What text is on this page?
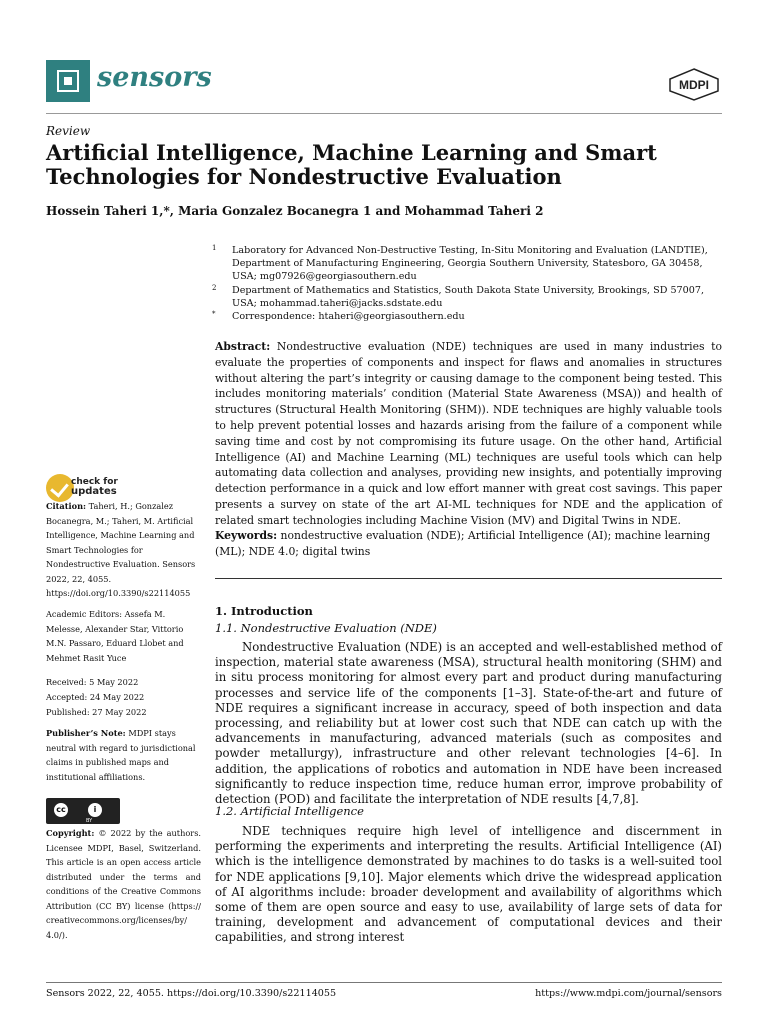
sensors	MDPI
Review
Artificial Intelligence, Machine Learning and Smart Technologies for Nondestructive Evaluation
Hossein Taheri 1,*, Maria Gonzalez Bocanegra 1 and Mohammad Taheri 2
1	Laboratory for Advanced Non-Destructive Testing, In-Situ Monitoring and Evaluation (LANDTIE), Department of Manufacturing Engineering, Georgia Southern University, Statesboro, GA 30458, USA; mg07926@georgiasouthern.edu
2	Department of Mathematics and Statistics, South Dakota State University, Brookings, SD 57007, USA; mohammad.taheri@jacks.sdstate.edu
*	Correspondence: htaheri@georgiasouthern.edu
Abstract: Nondestructive evaluation (NDE) techniques are used in many industries to evaluate the properties of components and inspect for flaws and anomalies in structures without altering the part’s integrity or causing damage to the component being tested. This includes monitoring materials’ condition (Material State Awareness (MSA)) and health of structures (Structural Health Monitoring (SHM)). NDE techniques are highly valuable tools to help prevent potential losses and hazards arising from the failure of a component while saving time and cost by not compromising its future usage. On the other hand, Artificial Intelligence (AI) and Machine Learning (ML) techniques are useful tools which can help automating data collection and analyses, providing new insights, and potentially improving detection performance in a quick and low effort manner with great cost savings. This paper presents a survey on state of the art AI-ML techniques for NDE and the application of related smart technologies including Machine Vision (MV) and Digital Twins in NDE.
Keywords: nondestructive evaluation (NDE); Artificial Intelligence (AI); machine learning (ML); NDE 4.0; digital twins
check for
updates
Citation: Taheri, H.; Gonzalez Bocanegra, M.; Taheri, M. Artificial Intelligence, Machine Learning and Smart Technologies for Nondestructive Evaluation. Sensors 2022, 22, 4055. https://doi.org/10.3390/s22114055
Academic Editors: Assefa M. Melesse, Alexander Star, Vittorio M.N. Passaro, Eduard Llobet and Mehmet Rasit Yuce
Received: 5 May 2022
Accepted: 24 May 2022
Published: 27 May 2022
Publisher’s Note: MDPI stays neutral with regard to jurisdictional claims in published maps and institutional affiliations.
cc	i
BY
Copyright: © 2022 by the authors. Licensee MDPI, Basel, Switzerland. This article is an open access article distributed under the terms and conditions of the Creative Commons Attribution (CC BY) license (https:// creativecommons.org/licenses/by/ 4.0/).
1. Introduction
1.1. Nondestructive Evaluation (NDE)

Nondestructive Evaluation (NDE) is an accepted and well-established method of inspection, material state awareness (MSA), structural health monitoring (SHM) and in situ process monitoring for almost every part and product during manufacturing processes and service life of the components [1–3]. State-of-the-art and future of NDE requires a significant increase in accuracy, speed of both inspection and data processing, and reliability but at lower cost such that NDE can catch up with the advancements in manufacturing, advanced materials (such as composites and powder metallurgy), infrastructure and other relevant technologies [4–6]. In addition, the applications of robotics and automation in NDE have been increased significantly to reduce inspection time, reduce human error, improve probability of detection (POD) and facilitate the interpretation of NDE results [4,7,8].

1.2. Artificial Intelligence

NDE techniques require high level of intelligence and discernment in performing the experiments and interpreting the results. Artificial Intelligence (AI) which is the intelligence demonstrated by machines to do tasks is a well-suited tool for NDE applications [9,10]. Major elements which drive the widespread application of AI algorithms include: broader development and availability of algorithms which some of them are open source and easy to use, availability of large sets of data for training, development and advancement of computational devices and their capabilities, and strong interest

Sensors 2022, 22, 4055. https://doi.org/10.3390/s22114055	https://www.mdpi.com/journal/sensors
